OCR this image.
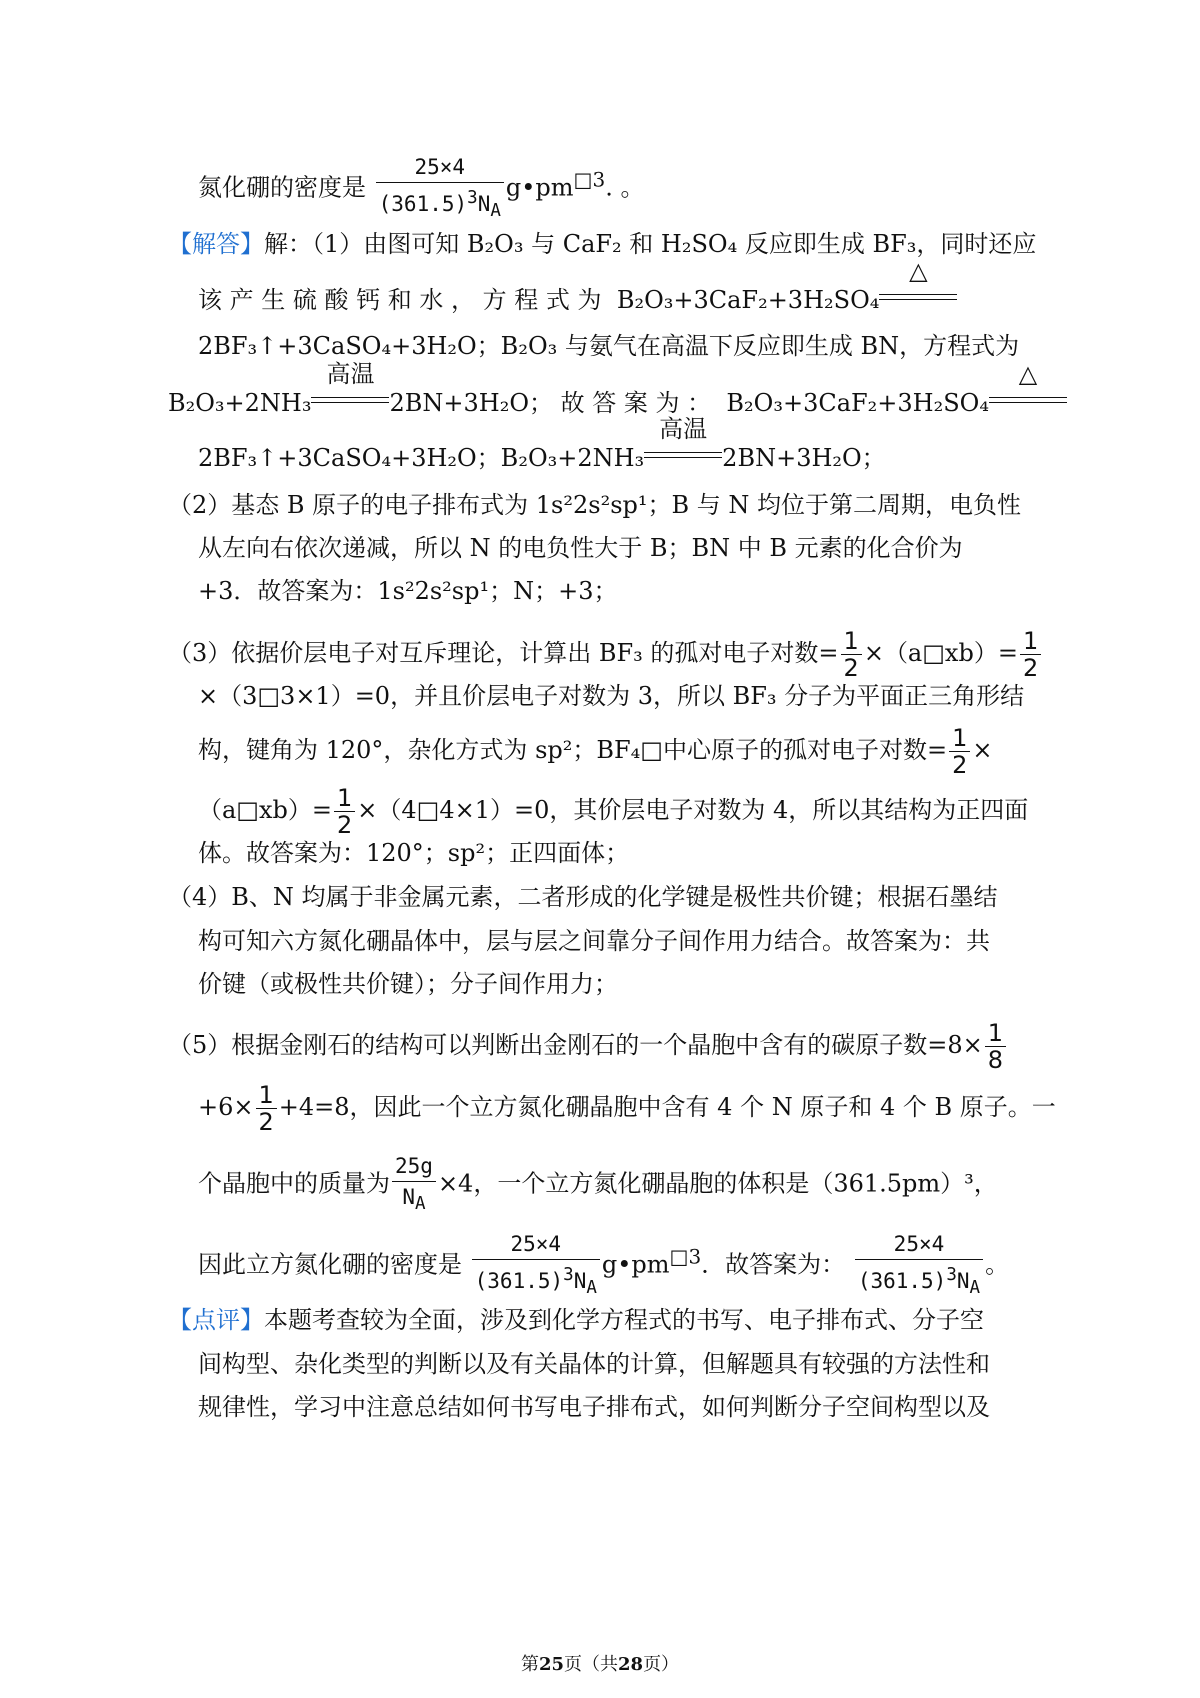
氮化硼的密度是 $\frac{25\times 4}{(361.5)^3N_A}$ $g•pm^{□3}$. 。
【解答】解：（1）由图可知 B₂O₃ 与 CaF₂ 和 H₂SO₄ 反应即生成 BF₃，同时还应
该 产 生 硫 酸 钙 和 水 ， 方 程 式 为 B₂O₃+3CaF₂+3H₂SO₄
△
2BF₃↑+3CaSO₄+3H₂O；B₂O₃ 与氨气在高温下反应即生成 BN，方程式为
B₂O₃+2NH₃
高温
2BN+3H₂O； 故 答 案 为 ： B₂O₃+3CaF₂+3H₂SO₄
△
2BF₃↑+3CaSO₄+3H₂O；B₂O₃+2NH₃
高温
2BN+3H₂O；
（2）基态 B 原子的电子排布式为 1s²2s²sp¹；B 与 N 均位于第二周期，电负性
从左向右依次递减，所以 N 的电负性大于 B；BN 中 B 元素的化合价为
+3．故答案为：1s²2s²sp¹；N；+3；
（3）依据价层电子对互斥理论，计算出 BF₃ 的孤对电子对数= $\frac{1}{2}$ ×（a□xb）= $\frac{1}{2}$
×（3□3×1）=0，并且价层电子对数为 3，所以 BF₃ 分子为平面正三角形结
构，键角为 120°，杂化方式为 sp²；BF₄□中心原子的孤对电子对数= $\frac{1}{2}$ ×
（a□xb）= $\frac{1}{2}$ ×（4□4×1）=0，其价层电子对数为 4，所以其结构为正四面
体。故答案为：120°；sp²；正四面体；
（4）B、N 均属于非金属元素，二者形成的化学键是极性共价键；根据石墨结
构可知六方氮化硼晶体中，层与层之间靠分子间作用力结合。故答案为：共
价键（或极性共价键）；分子间作用力；
（5）根据金刚石的结构可以判断出金刚石的一个晶胞中含有的碳原子数$=8\times \frac{1}{8}$
$+6\times \frac{1}{2} +4=8$，因此一个立方氮化硼晶胞中含有 4 个 N 原子和 4 个 B 原子。一
个晶胞中的质量为 $\frac{25g}{N_A} \times 4$，一个立方氮化硼晶胞的体积是（361.5pm）³，
因此立方氮化硼的密度是 $\frac{25\times 4}{(361.5)^3N_A}$ $g•pm^{□3}$．故答案为： $\frac{25\times 4}{(361.5)^3N_A}$ 。
【点评】本题考查较为全面，涉及到化学方程式的书写、电子排布式、分子空
间构型、杂化类型的判断以及有关晶体的计算，但解题具有较强的方法性和
规律性，学习中注意总结如何书写电子排布式，如何判断分子空间构型以及
第25页（共28页）
